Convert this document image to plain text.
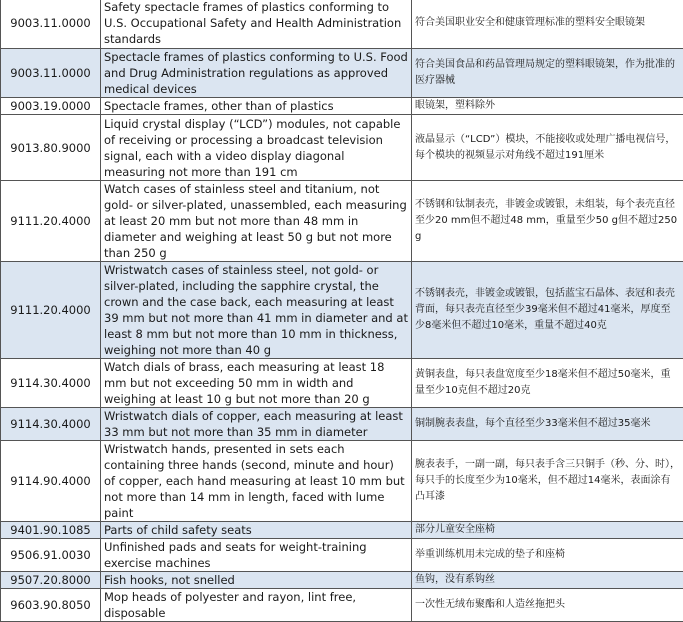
9003.11.0000	Safety spectacle frames of plastics conforming to U.S. Occupational Safety and Health Administration standards	符合美国职业安全和健康管理标准的塑料安全眼镜架
9003.11.0000	Spectacle frames of plastics conforming to U.S. Food and Drug Administration regulations as approved medical devices	符合美国食品和药品管理局规定的塑料眼镜架，作为批准的医疗器械
9003.19.0000	Spectacle frames, other than of plastics	眼镜架，塑料除外
9013.80.9000	Liquid crystal display (“LCD”) modules, not capable of receiving or processing a broadcast television signal, each with a video display diagonal measuring not more than 191 cm	液晶显示（“LCD”）模块，不能接收或处理广播电视信号，每个模块的视频显示对角线不超过191厘米
9111.20.4000	Watch cases of stainless steel and titanium, not gold- or silver-plated, unassembled, each measuring at least 20 mm but not more than 48 mm in diameter and weighing at least 50 g but not more than 250 g	不锈钢和钛制表壳，非镀金或镀银，未组装，每个表壳直径至少20 mm但不超过48 mm，重量至少50 g但不超过250 g
9111.20.4000	Wristwatch cases of stainless steel, not gold- or silver-plated, including the sapphire crystal, the crown and the case back, each measuring at least 39 mm but not more than 41 mm in diameter and at least 8 mm but not more than 10 mm in thickness, weighing not more than 40 g	不锈钢表壳，非镀金或镀银，包括蓝宝石晶体、表冠和表壳背面，每只表壳直径至少39毫米但不超过41毫米，厚度至少8毫米但不超过10毫米，重量不超过40克
9114.30.4000	Watch dials of brass, each measuring at least 18 mm but not exceeding 50 mm in width and weighing at least 10 g but not more than 20 g	黄铜表盘，每只表盘宽度至少18毫米但不超过50毫米，重量至少10克但不超过20克
9114.30.4000	Wristwatch dials of copper, each measuring at least 33 mm but not more than 35 mm in diameter	铜制腕表表盘，每个直径至少33毫米但不超过35毫米
9114.90.4000	Wristwatch hands, presented in sets each containing three hands (second, minute and hour) of copper, each hand measuring at least 10 mm but not more than 14 mm in length, faced with lume paint	腕表表手，一副一副，每只表手含三只铜手（秒、分、时），每只手的长度至少为10毫米，但不超过14毫米，表面涂有凸耳漆
9401.90.1085	Parts of child safety seats	部分儿童安全座椅
9506.91.0030	Unfinished pads and seats for weight-training exercise machines	举重训练机用未完成的垫子和座椅
9507.20.8000	Fish hooks, not snelled	鱼钩，没有系钩丝
9603.90.8050	Mop heads of polyester and rayon, lint free, disposable	一次性无绒布聚酯和人造丝拖把头
